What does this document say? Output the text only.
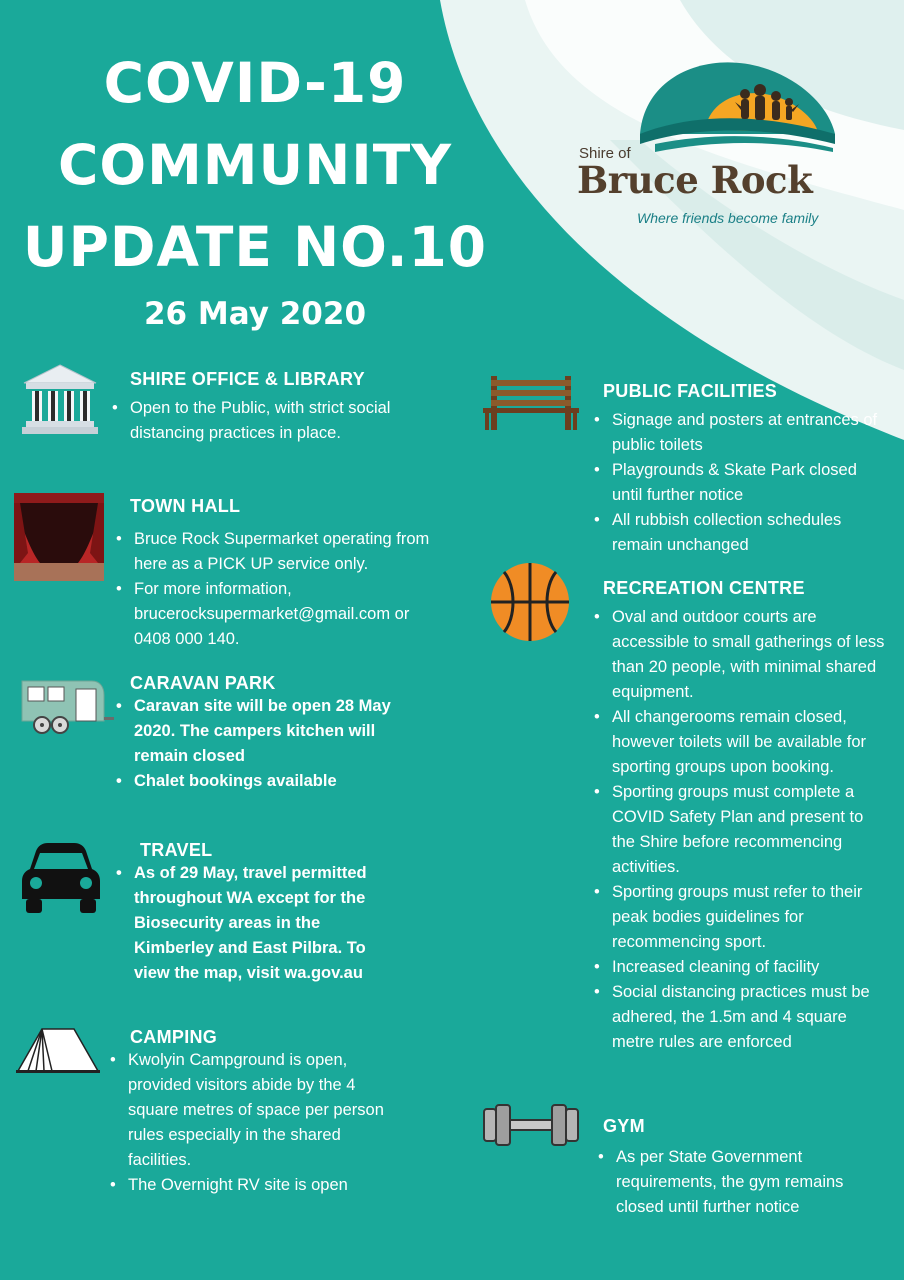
COVID-19
COMMUNITY
UPDATE NO.10
26 May 2020
Shire of
Bruce Rock
Where friends become family
SHIRE OFFICE & LIBRARY
• Open to the Public, with strict social distancing practices in place.
TOWN HALL
• Bruce Rock Supermarket operating from here as a PICK UP service only.
• For more information, brucerocksupermarket@gmail.com or 0408 000 140.
CARAVAN PARK
• Caravan site will be open 28 May 2020. The campers kitchen will remain closed
• Chalet bookings available
TRAVEL
• As of 29 May, travel permitted throughout WA except for the Biosecurity areas in the Kimberley and East Pilbra. To view the map, visit wa.gov.au
CAMPING
• Kwolyin Campground is open, provided visitors abide by the 4 square metres of space per person rules especially in the shared facilities.
• The Overnight RV site is open
PUBLIC FACILITIES
• Signage and posters at entrances of public toilets
• Playgrounds & Skate Park closed until further notice
• All rubbish collection schedules remain unchanged
RECREATION CENTRE
• Oval and outdoor courts are accessible to small gatherings of less than 20 people, with minimal shared equipment.
• All changerooms remain closed, however toilets will be available for sporting groups upon booking.
• Sporting groups must complete a COVID Safety Plan and present to the Shire before recommencing activities.
• Sporting groups must refer to their peak bodies guidelines for recommencing sport.
• Increased cleaning of facility
• Social distancing practices must be adhered, the 1.5m and 4 square metre rules are enforced
GYM
• As per State Government requirements, the gym remains closed until further notice
